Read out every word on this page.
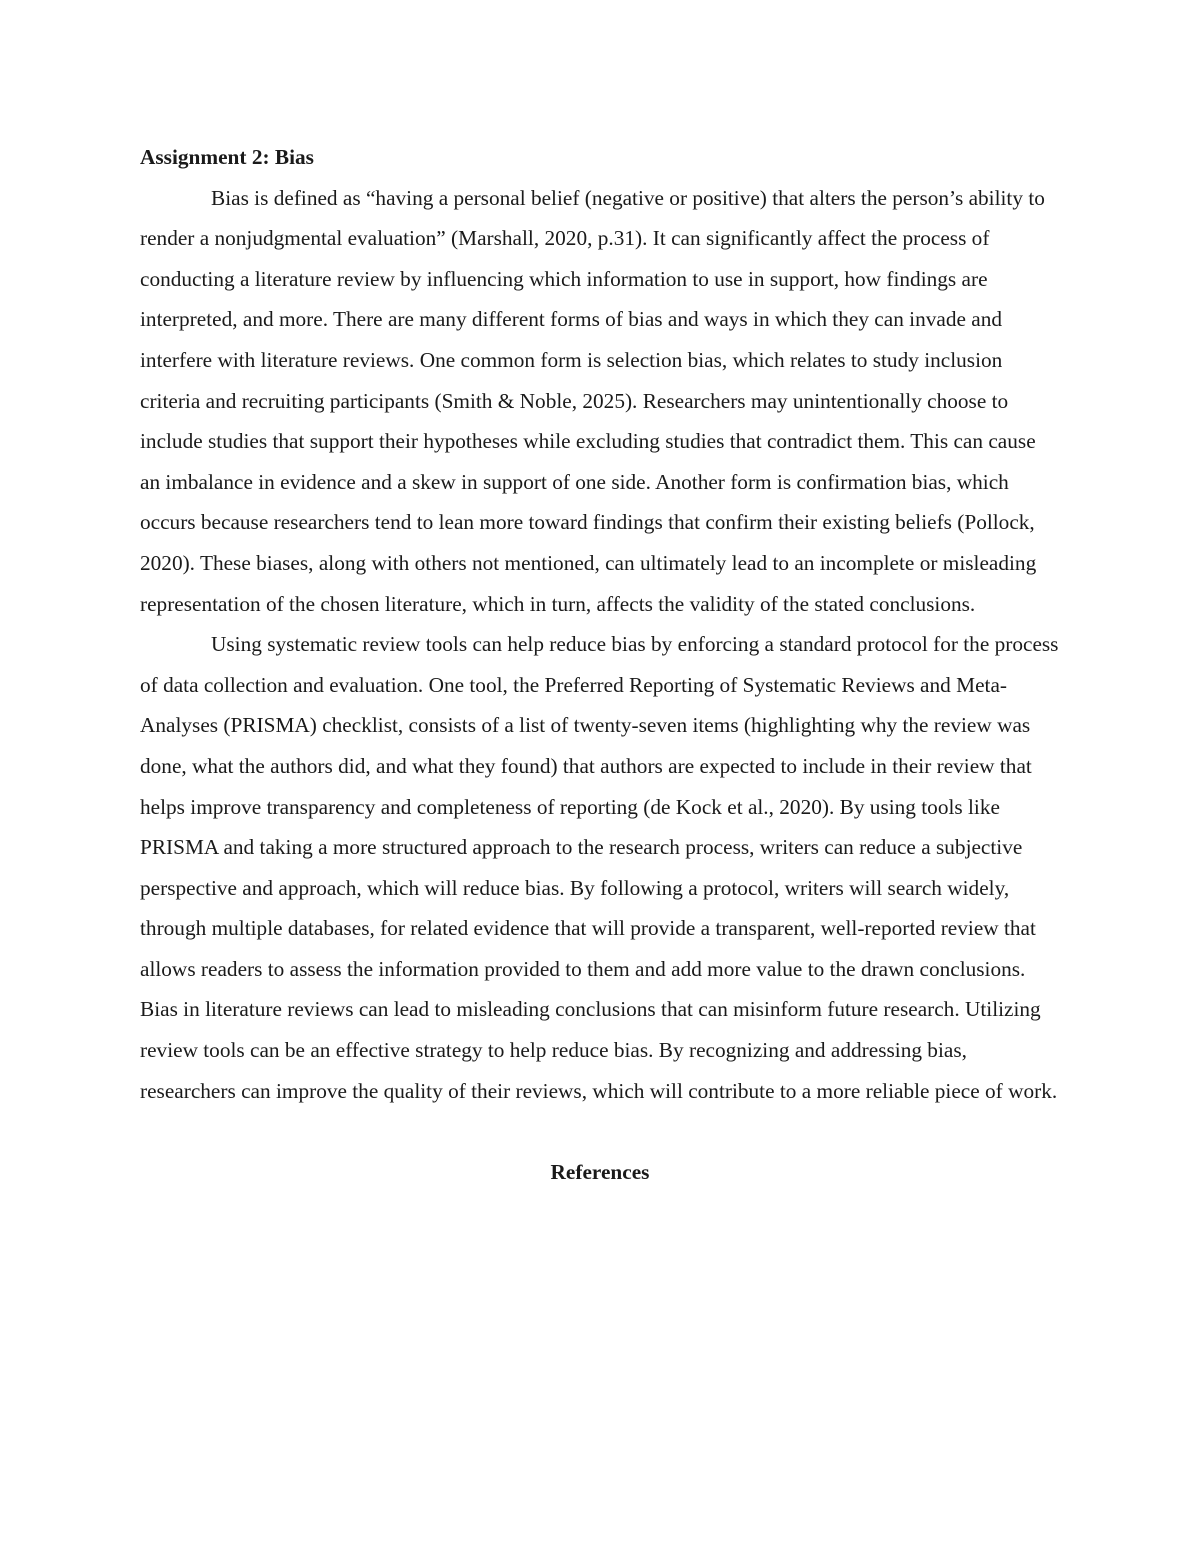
Assignment 2: Bias

Bias is defined as “having a personal belief (negative or positive) that alters the person’s ability to render a nonjudgmental evaluation” (Marshall, 2020, p.31). It can significantly affect the process of conducting a literature review by influencing which information to use in support, how findings are interpreted, and more. There are many different forms of bias and ways in which they can invade and interfere with literature reviews. One common form is selection bias, which relates to study inclusion criteria and recruiting participants (Smith & Noble, 2025). Researchers may unintentionally choose to include studies that support their hypotheses while excluding studies that contradict them. This can cause an imbalance in evidence and a skew in support of one side. Another form is confirmation bias, which occurs because researchers tend to lean more toward findings that confirm their existing beliefs (Pollock, 2020). These biases, along with others not mentioned, can ultimately lead to an incomplete or misleading representation of the chosen literature, which in turn, affects the validity of the stated conclusions.

Using systematic review tools can help reduce bias by enforcing a standard protocol for the process of data collection and evaluation. One tool, the Preferred Reporting of Systematic Reviews and Meta-Analyses (PRISMA) checklist, consists of a list of twenty-seven items (highlighting why the review was done, what the authors did, and what they found) that authors are expected to include in their review that helps improve transparency and completeness of reporting (de Kock et al., 2020). By using tools like PRISMA and taking a more structured approach to the research process, writers can reduce a subjective perspective and approach, which will reduce bias. By following a protocol, writers will search widely, through multiple databases, for related evidence that will provide a transparent, well-reported review that allows readers to assess the information provided to them and add more value to the drawn conclusions. Bias in literature reviews can lead to misleading conclusions that can misinform future research. Utilizing review tools can be an effective strategy to help reduce bias. By recognizing and addressing bias, researchers can improve the quality of their reviews, which will contribute to a more reliable piece of work.

References
